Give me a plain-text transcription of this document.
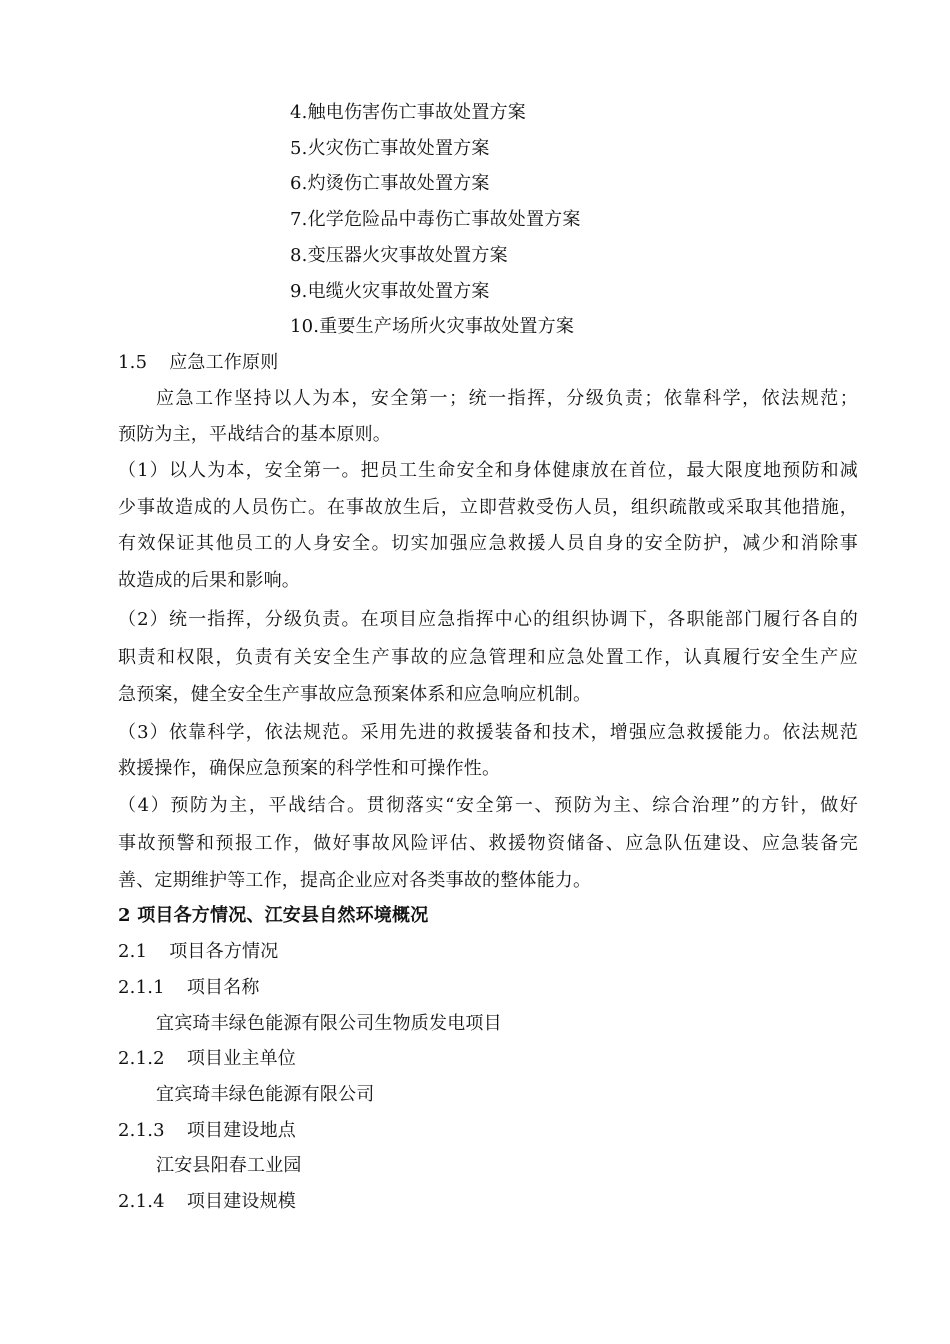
4.触电伤害伤亡事故处置方案
5.火灾伤亡事故处置方案
6.灼烫伤亡事故处置方案
7.化学危险品中毒伤亡事故处置方案
8.变压器火灾事故处置方案
9.电缆火灾事故处置方案
10.重要生产场所火灾事故处置方案
1.5 应急工作原则
应急工作坚持以人为本，安全第一；统一指挥，分级负责；依靠科学，依法规范；
预防为主，平战结合的基本原则。
（1）以人为本，安全第一。把员工生命安全和身体健康放在首位，最大限度地预防和减
少事故造成的人员伤亡。在事故放生后，立即营救受伤人员，组织疏散或采取其他措施，
有效保证其他员工的人身安全。切实加强应急救援人员自身的安全防护，减少和消除事
故造成的后果和影响。
（2）统一指挥，分级负责。在项目应急指挥中心的组织协调下，各职能部门履行各自的
职责和权限，负责有关安全生产事故的应急管理和应急处置工作，认真履行安全生产应
急预案，健全安全生产事故应急预案体系和应急响应机制。
（3）依靠科学，依法规范。采用先进的救援装备和技术，增强应急救援能力。依法规范
救援操作，确保应急预案的科学性和可操作性。
（4）预防为主，平战结合。贯彻落实“安全第一、预防为主、综合治理”的方针，做好
事故预警和预报工作，做好事故风险评估、救援物资储备、应急队伍建设、应急装备完
善、定期维护等工作，提高企业应对各类事故的整体能力。
2 项目各方情况、江安县自然环境概况
2.1 项目各方情况
2.1.1 项目名称
宜宾琦丰绿色能源有限公司生物质发电项目
2.1.2 项目业主单位
宜宾琦丰绿色能源有限公司
2.1.3 项目建设地点
江安县阳春工业园
2.1.4 项目建设规模
